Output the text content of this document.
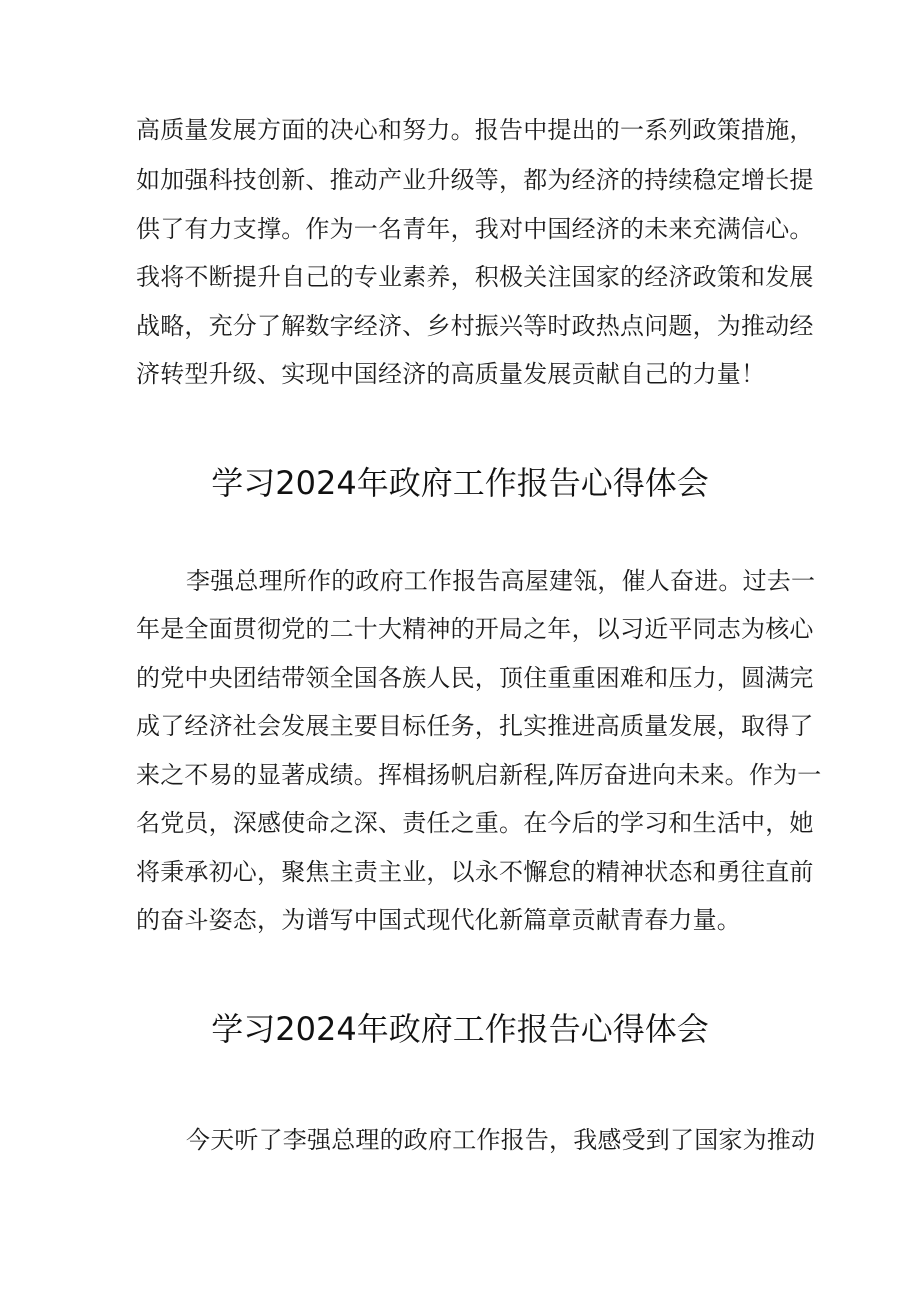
高质量发展方面的决心和努力。报告中提出的一系列政策措施，
如加强科技创新、推动产业升级等，都为经济的持续稳定增长提
供了有力支撑。作为一名青年，我对中国经济的未来充满信心。
我将不断提升自己的专业素养，积极关注国家的经济政策和发展
战略，充分了解数字经济、乡村振兴等时政热点问题，为推动经
济转型升级、实现中国经济的高质量发展贡献自己的力量！
学习2024年政府工作报告心得体会
李强总理所作的政府工作报告高屋建瓴，催人奋进。过去一
年是全面贯彻党的二十大精神的开局之年，以习近平同志为核心
的党中央团结带领全国各族人民，顶住重重困难和压力，圆满完
成了经济社会发展主要目标任务，扎实推进高质量发展，取得了
来之不易的显著成绩。挥楫扬帆启新程,阵厉奋进向未来。作为一
名党员，深感使命之深、责任之重。在今后的学习和生活中，她
将秉承初心，聚焦主责主业，以永不懈怠的精神状态和勇往直前
的奋斗姿态，为谱写中国式现代化新篇章贡献青春力量。
学习2024年政府工作报告心得体会
今天听了李强总理的政府工作报告，我感受到了国家为推动
